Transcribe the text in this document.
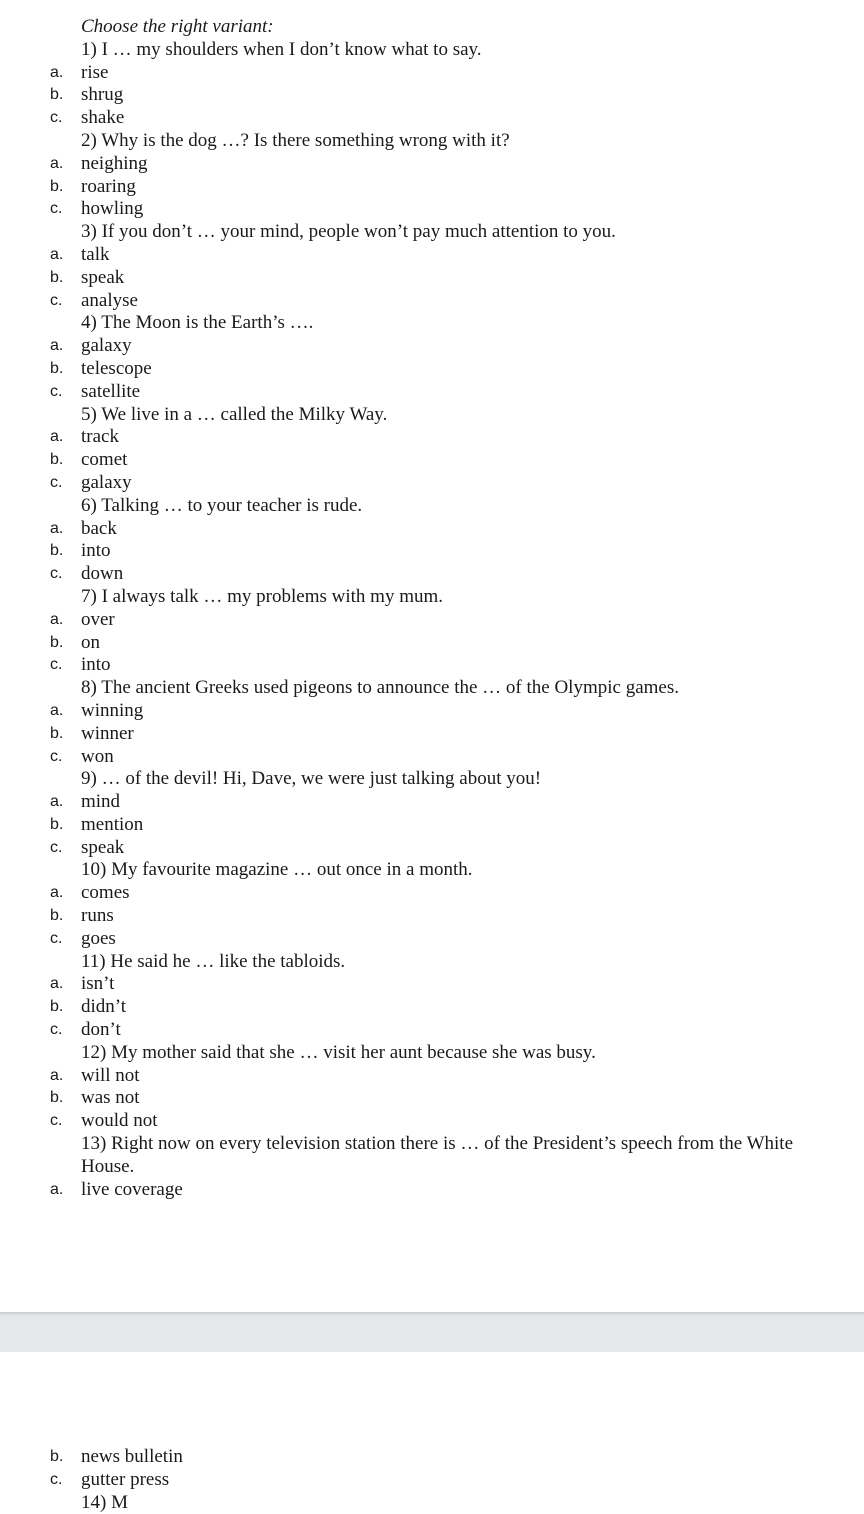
Choose the right variant:
1) I … my shoulders when I don’t know what to say.
a. rise
b. shrug
c. shake
2) Why is the dog …? Is there something wrong with it?
a. neighing
b. roaring
c. howling
3) If you don’t … your mind, people won’t pay much attention to you.
a. talk
b. speak
c. analyse
4) The Moon is the Earth’s ….
a. galaxy
b. telescope
c. satellite
5) We live in a … called the Milky Way.
a. track
b. comet
c. galaxy
6) Talking … to your teacher is rude.
a. back
b. into
c. down
7) I always talk … my problems with my mum.
a. over
b. on
c. into
8) The ancient Greeks used pigeons to announce the … of the Olympic games.
a. winning
b. winner
c. won
9) … of the devil! Hi, Dave, we were just talking about you!
a. mind
b. mention
c. speak
10) My favourite magazine … out once in a month.
a. comes
b. runs
c. goes
11) He said he … like the tabloids.
a. isn’t
b. didn’t
c. don’t
12) My mother said that she … visit her aunt because she was busy.
a. will not
b. was not
c. would not
13) Right now on every television station there is … of the President’s speech from the White House.
a. live coverage
b. news bulletin
c. gutter press
14) M
